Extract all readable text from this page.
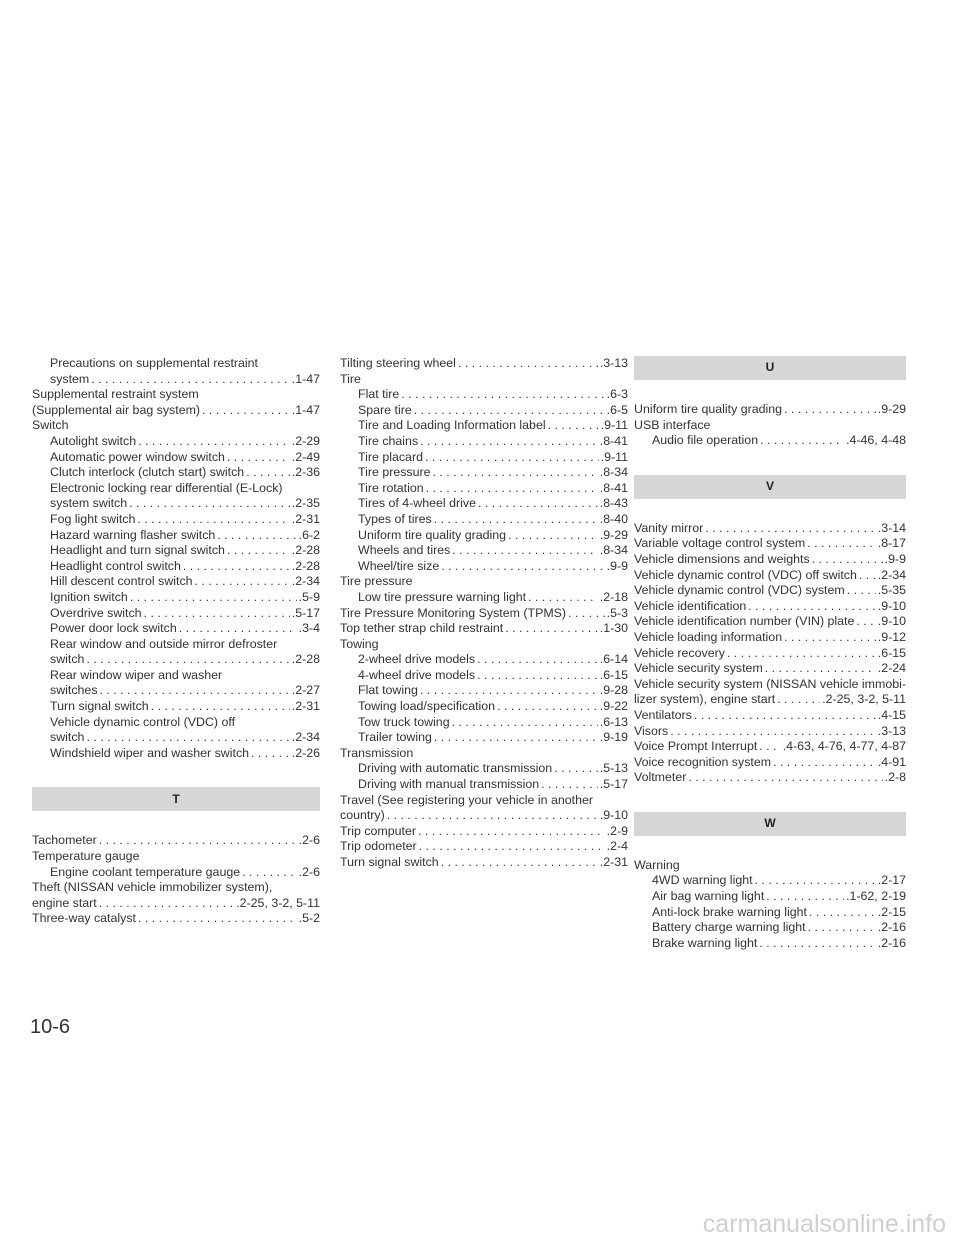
Precautions on supplemental restraint
system . . .	.1-47
Supplemental restraint system
(Supplemental air bag system) . . .	.1-47
Switch
Autolight switch . . .	.2-29
Automatic power window switch . . .	.2-49
Clutch interlock (clutch start) switch . . .	.2-36
Electronic locking rear differential (E-Lock)
system switch . . .	.2-35
Fog light switch . . .	.2-31
Hazard warning flasher switch . . .	.6-2
Headlight and turn signal switch . . .	.2-28
Headlight control switch . . .	.2-28
Hill descent control switch . . .	.2-34
Ignition switch . . .	.5-9
Overdrive switch . . .	.5-17
Power door lock switch . . .	.3-4
Rear window and outside mirror defroster
switch . . .	.2-28
Rear window wiper and washer
switches . . .	.2-27
Turn signal switch . . .	.2-31
Vehicle dynamic control (VDC) off
switch . . .	.2-34
Windshield wiper and washer switch . . .	.2-26
T
Tachometer . . .	.2-6
Temperature gauge
Engine coolant temperature gauge . . .	.2-6
Theft (NISSAN vehicle immobilizer system),
engine start . . .	.2-25, 3-2, 5-11
Three-way catalyst . . .	.5-2
Tilting steering wheel . . .	.3-13
Tire
Flat tire . . .	.6-3
Spare tire . . .	.6-5
Tire and Loading Information label . . .	.9-11
Tire chains . . .	.8-41
Tire placard . . .	.9-11
Tire pressure . . .	.8-34
Tire rotation . . .	.8-41
Tires of 4-wheel drive . . .	.8-43
Types of tires . . .	.8-40
Uniform tire quality grading . . .	.9-29
Wheels and tires . . .	.8-34
Wheel/tire size . . .	.9-9
Tire pressure
Low tire pressure warning light . . .	.2-18
Tire Pressure Monitoring System (TPMS) . . .	.5-3
Top tether strap child restraint . . .	.1-30
Towing
2-wheel drive models . . .	.6-14
4-wheel drive models . . .	.6-15
Flat towing . . .	.9-28
Towing load/specification . . .	.9-22
Tow truck towing . . .	.6-13
Trailer towing . . .	.9-19
Transmission
Driving with automatic transmission . . .	.5-13
Driving with manual transmission . . .	.5-17
Travel (See registering your vehicle in another
country) . . .	.9-10
Trip computer . . .	.2-9
Trip odometer . . .	.2-4
Turn signal switch . . .	.2-31
U
Uniform tire quality grading . . .	.9-29
USB interface
Audio file operation . . .	.4-46, 4-48
V
Vanity mirror . . .	.3-14
Variable voltage control system . . .	.8-17
Vehicle dimensions and weights . . .	.9-9
Vehicle dynamic control (VDC) off switch . . . .2-34
Vehicle dynamic control (VDC) system . . .	.5-35
Vehicle identification . . .	.9-10
Vehicle identification number (VIN) plate . . . .9-10
Vehicle loading information . . .	.9-12
Vehicle recovery . . .	.6-15
Vehicle security system . . .	.2-24
Vehicle security system (NISSAN vehicle immobi-
lizer system), engine start . . .	.2-25, 3-2, 5-11
Ventilators . . .	.4-15
Visors . . .	.3-13
Voice Prompt Interrupt . . . .4-63, 4-76, 4-77, 4-87
Voice recognition system . . .	.4-91
Voltmeter . . .	.2-8
W
Warning
4WD warning light . . .	.2-17
Air bag warning light . . .	.1-62, 2-19
Anti-lock brake warning light . . .	.2-15
Battery charge warning light . . .	.2-16
Brake warning light . . .	.2-16
10-6
carmanualsonline.info
